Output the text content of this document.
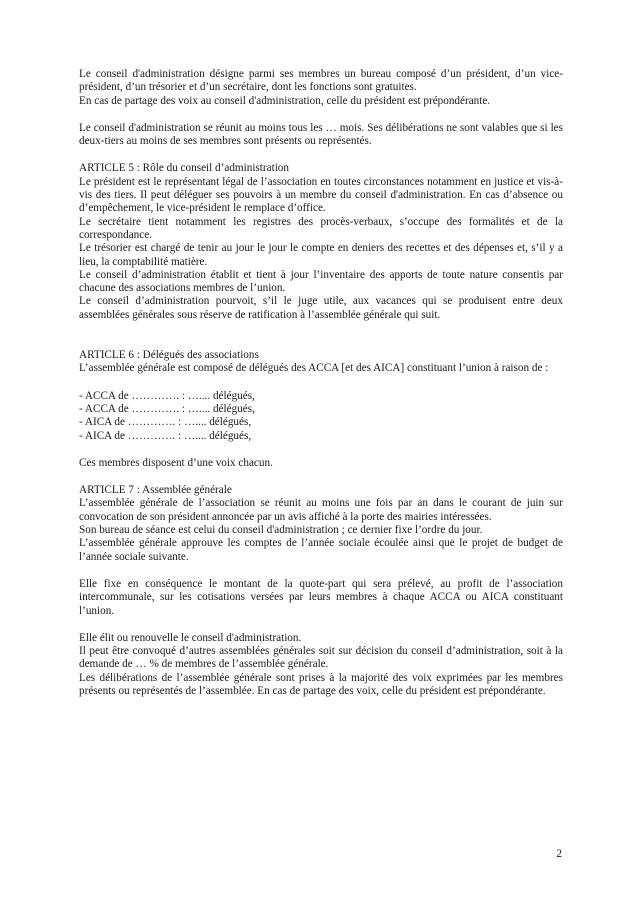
Le conseil d'administration désigne parmi ses membres un bureau composé d’un président, d’un vice-président, d’un trésorier et d’un secrétaire, dont les fonctions sont gratuites.

En cas de partage des voix au conseil d'administration, celle du président est prépondérante.

Le conseil d'administration se réunit au moins tous les … mois. Ses délibérations ne sont valables que si les deux-tiers au moins de ses membres sont présents ou représentés.

ARTICLE 5 : Rôle du conseil d’administration

Le président est le représentant légal de l’association en toutes circonstances notamment en justice et vis-à-vis des tiers. Il peut déléguer ses pouvoirs à un membre du conseil d'administration. En cas d’absence ou d’empêchement, le vice-président le remplace d’office.

Le secrétaire tient notamment les registres des procès-verbaux, s’occupe des formalités et de la correspondance.

Le trésorier est chargé de tenir au jour le jour le compte en deniers des recettes et des dépenses et, s’il y a lieu, la comptabilité matière.

Le conseil d’administration établit et tient à jour l’inventaire des apports de toute nature consentis par chacune des associations membres de l’union.

Le conseil d’administration pourvoit, s’il le juge utile, aux vacances qui se produisent entre deux assemblées générales sous réserve de ratification à l’assemblée générale qui suit.

ARTICLE 6 : Délégués des associations

L’assemblée générale est composé de délégués des ACCA [et des AICA] constituant l’union à raison de :

- ACCA de …………. : ….... délégués,

- ACCA de …………. : ….... délégués,

- AICA de …………. : ….... délégués,

- AICA de …………. : ….... délégués,

Ces membres disposent d’une voix chacun.

ARTICLE 7 : Assemblée générale

L’assemblée générale de l’association se réunit au moins une fois par an dans le courant de juin sur convocation de son président annoncée par un avis affiché à la porte des mairies intéressées.

Son bureau de séance est celui du conseil d'administration ; ce dernier fixe l’ordre du jour.

L’assemblée générale approuve les comptes de l’année sociale écoulée ainsi que le projet de budget de l’année sociale suivante.

Elle fixe en conséquence le montant de la quote-part qui sera prélevé, au profit de l’association intercommunale, sur les cotisations versées par leurs membres à chaque ACCA ou AICA constituant l’union.

Elle élit ou renouvelle le conseil d'administration.

Il peut être convoqué d’autres assemblées générales soit sur décision du conseil d’administration, soit à la demande de … % de membres de l’assemblée générale.

Les délibérations de l’assemblée générale sont prises à la majorité des voix exprimées par les membres présents ou représentés de l’assemblée. En cas de partage des voix, celle du président est prépondérante.

2
